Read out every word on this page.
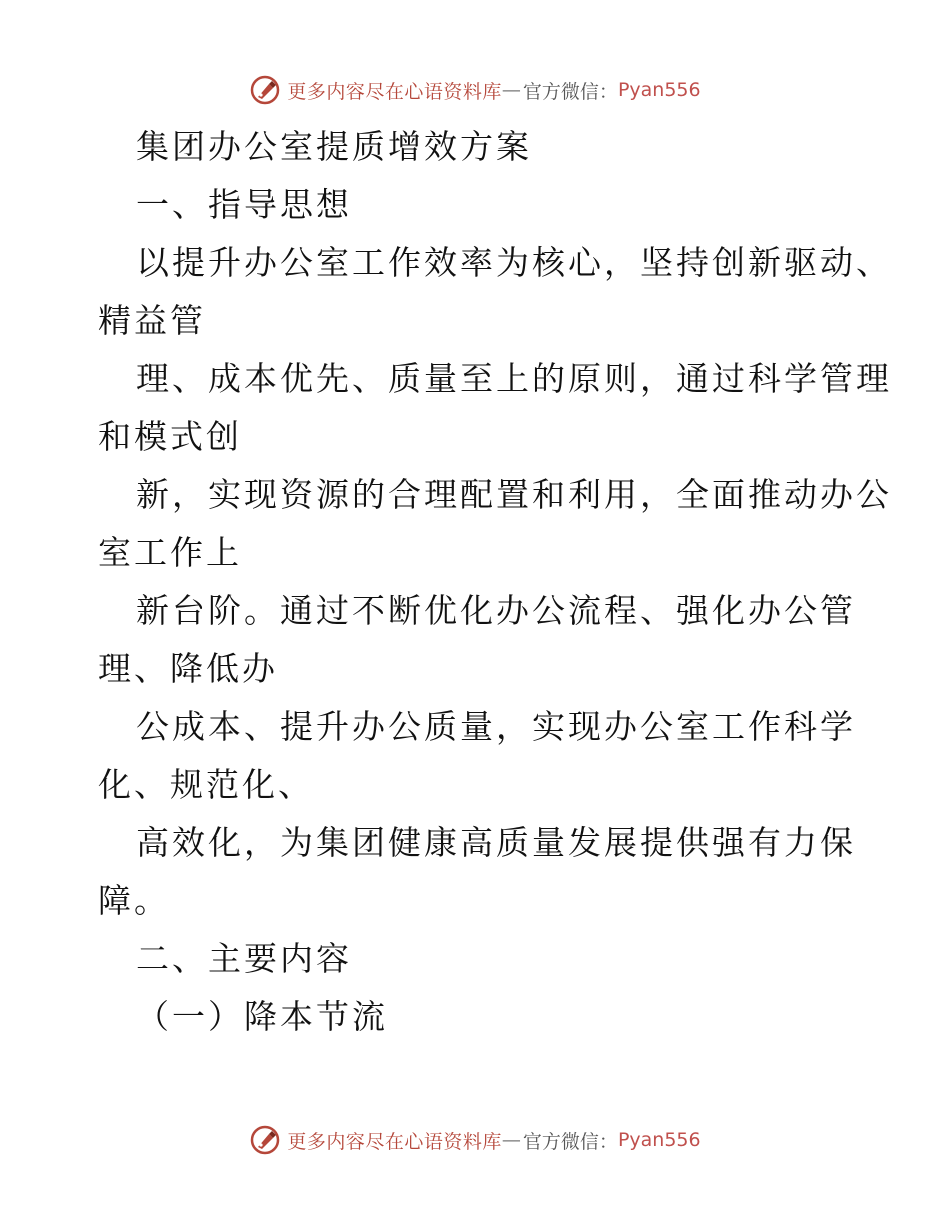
更多内容尽在心语资料库 — 官方微信： Pyan556
集团办公室提质增效方案
一、指导思想
以提升办公室工作效率为核心，坚持创新驱动、
精益管
理、成本优先、质量至上的原则，通过科学管理
和模式创
新，实现资源的合理配置和利用，全面推动办公
室工作上
新台阶。通过不断优化办公流程、强化办公管
理、降低办
公成本、提升办公质量，实现办公室工作科学
化、规范化、
高效化，为集团健康高质量发展提供强有力保
障。
二、主要内容
（一）降本节流
更多内容尽在心语资料库 — 官方微信： Pyan556
